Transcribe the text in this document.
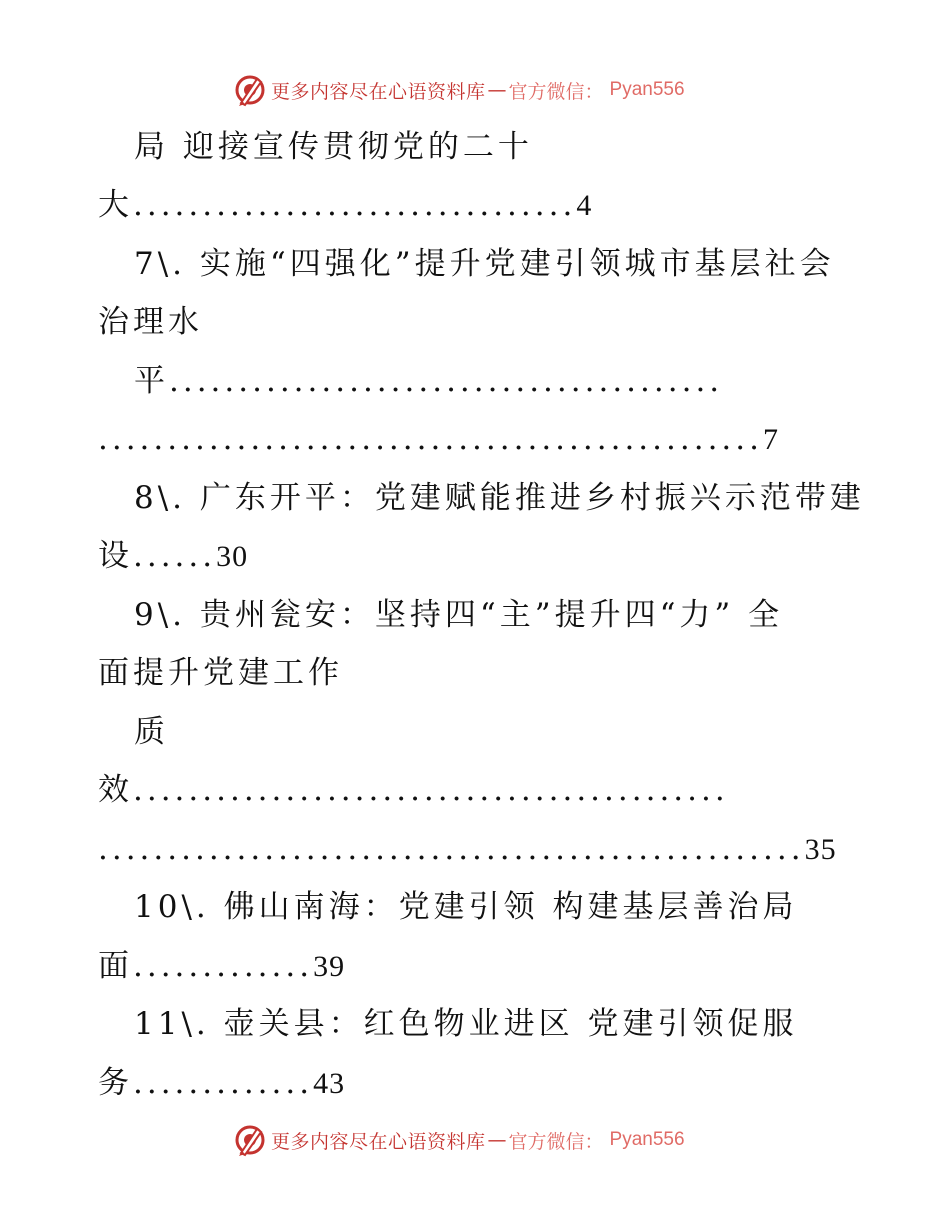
更多内容尽在心语资料库 — 官方微信： Pyan556
局 迎接宣传贯彻党的二十
大................................4
7\. 实施“四强化”提升党建引领城市基层社会
治理水
平........................................
................................................7
8\. 广东开平：党建赋能推进乡村振兴示范带建
设......30
9\. 贵州瓮安：坚持四“主”提升四“力” 全
面提升党建工作
质
效...........................................
...................................................35
10\. 佛山南海：党建引领 构建基层善治局
面.............39
11\. 壶关县：红色物业进区 党建引领促服
务.............43
更多内容尽在心语资料库 — 官方微信： Pyan556
